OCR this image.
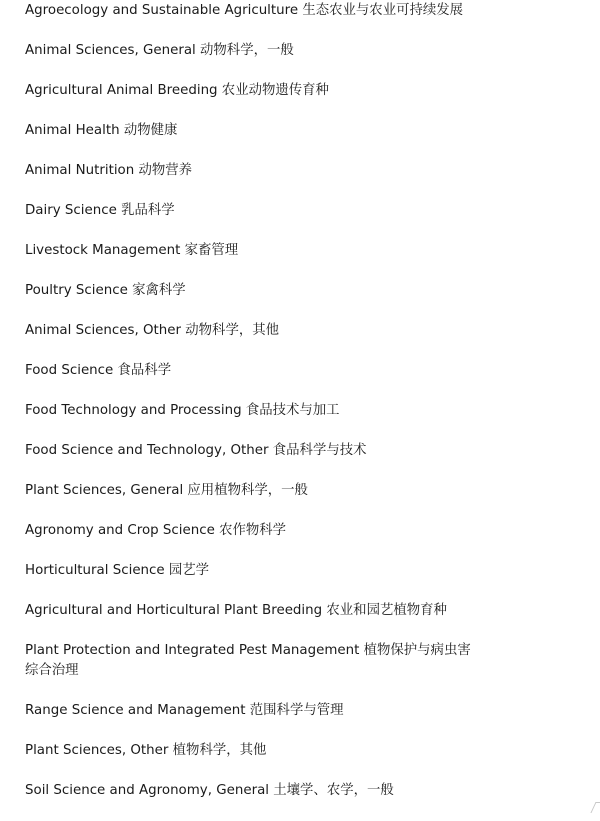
Agroecology and Sustainable Agriculture 生态农业与农业可持续发展
Animal Sciences, General 动物科学，一般
Agricultural Animal Breeding 农业动物遗传育种
Animal Health 动物健康
Animal Nutrition 动物营养
Dairy Science 乳品科学
Livestock Management 家畜管理
Poultry Science 家禽科学
Animal Sciences, Other 动物科学，其他
Food Science 食品科学
Food Technology and Processing 食品技术与加工
Food Science and Technology, Other 食品科学与技术
Plant Sciences, General 应用植物科学，一般
Agronomy and Crop Science 农作物科学
Horticultural Science 园艺学
Agricultural and Horticultural Plant Breeding 农业和园艺植物育种
Plant Protection and Integrated Pest Management 植物保护与病虫害综合治理
Range Science and Management 范围科学与管理
Plant Sciences, Other 植物科学，其他
Soil Science and Agronomy, General 土壤学、农学，一般
